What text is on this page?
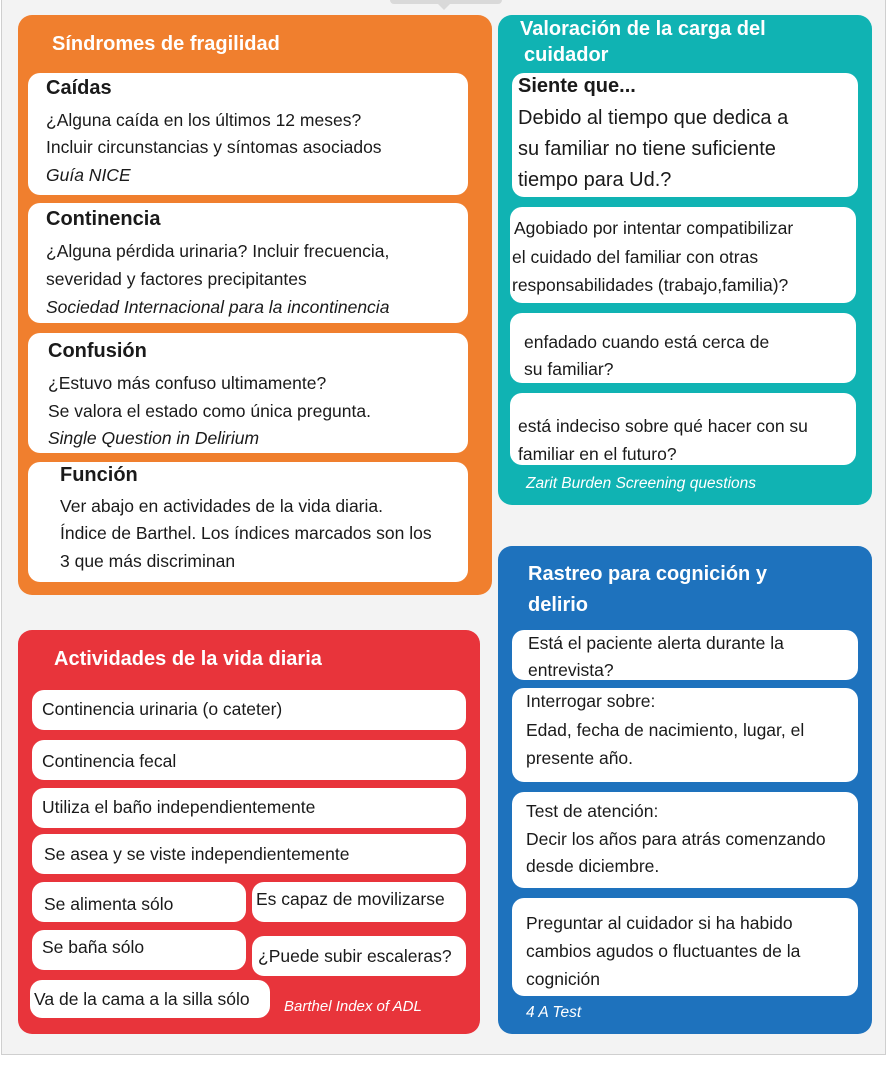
Síndromes de fragilidad
Caídas
¿Alguna caída en los últimos 12 meses?
Incluir circunstancias y síntomas asociados
Guía NICE
Continencia
¿Alguna pérdida urinaria? Incluir frecuencia,
severidad y factores precipitantes
Sociedad Internacional para la incontinencia
Confusión
¿Estuvo más confuso ultimamente?
Se valora el estado como única pregunta.
Single Question in Delirium
Función
Ver abajo en actividades de la vida diaria.
Índice de Barthel. Los índices marcados son los
3 que más discriminan
Valoración de la carga del
cuidador
Siente que...
Debido al tiempo que dedica a
su familiar no tiene suficiente
tiempo para Ud.?
Agobiado por intentar compatibilizar
el cuidado del familiar con otras
responsabilidades (trabajo,familia)?
enfadado cuando está cerca de
su familiar?
está indeciso sobre qué hacer con su
familiar en el futuro?
Zarit Burden Screening questions
Actividades de la vida diaria
Continencia urinaria (o cateter)
Continencia fecal
Utiliza el baño independientemente
Se asea y se viste independientemente
Se alimenta sólo	Es capaz de movilizarse
Se baña sólo	¿Puede subir escaleras?
Va de la cama a la silla sólo Barthel Index of ADL
Rastreo para cognición y
delirio
Está el paciente alerta durante la
entrevista?
Interrogar sobre:
Edad, fecha de nacimiento, lugar, el
presente año.
Test de atención:
Decir los años para atrás comenzando
desde diciembre.
Preguntar al cuidador si ha habido
cambios agudos o fluctuantes de la
cognición
4 A Test
